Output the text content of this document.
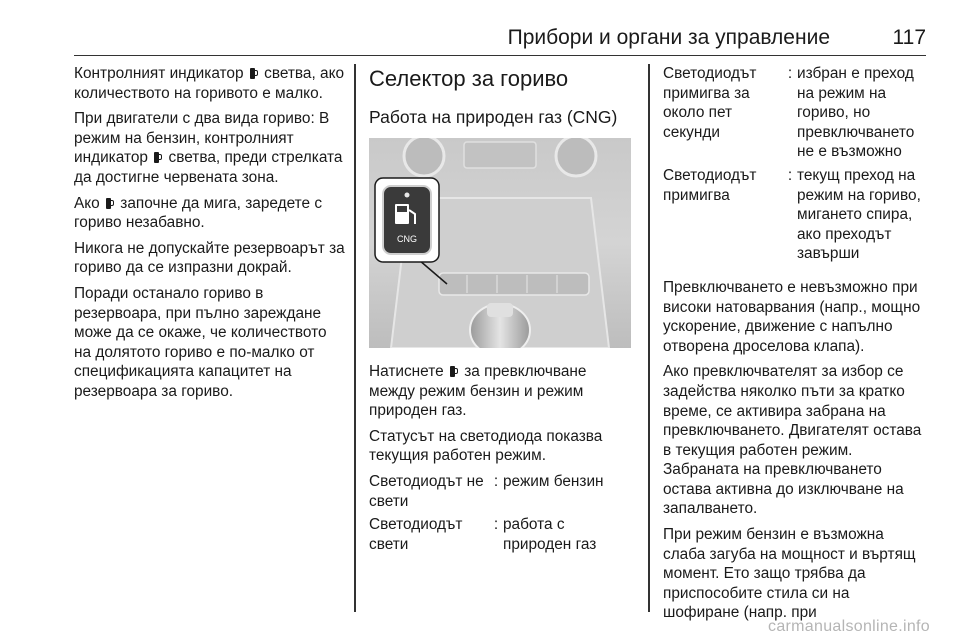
Прибори и органи за управление	117

Контролният индикатор светва, ако количеството на горивото е малко.

При двигатели с два вида гориво: В режим на бензин, контролният индикатор светва, преди стрелката да достигне червената зона.

Ако започне да мига, заредете с гориво незабавно.

Никога не допускайте резервоарът за гориво да се изпразни докрай.

Поради останало гориво в резервоара, при пълно зареждане може да се окаже, че количеството на долятото гориво е по-малко от спецификацията капацитет на резервоара за гориво.

Селектор за гориво
Работа на природен газ (CNG)
CNG

Натиснете за превключване между режим бензин и режим природен газ.

Статусът на светодиода показва текущия работен режим.

Светодиодът не свети	:	режим бензин
Светодиодът свети	:	работа с природен газ
Светодиодът примигва за около пет секунди	:	избран е преход на режим на гориво, но превключването не е възможно
Светодиодът примигва	:	текущ преход на режим на гориво, мигането спира, ако преходът завърши

Превключването е невъзможно при високи натоварвания (напр., мощно ускорение, движение с напълно отворена дроселова клапа).

Ако превключвателят за избор се задейства няколко пъти за кратко време, се активира забрана на превключването. Двигателят остава в текущия работен режим. Забраната на превключването остава активна до изключване на запалването.

При режим бензин е възможна слаба загуба на мощност и въртящ момент. Ето защо трябва да приспособите стила си на шофиране (напр. при

carmanualsonline.info
